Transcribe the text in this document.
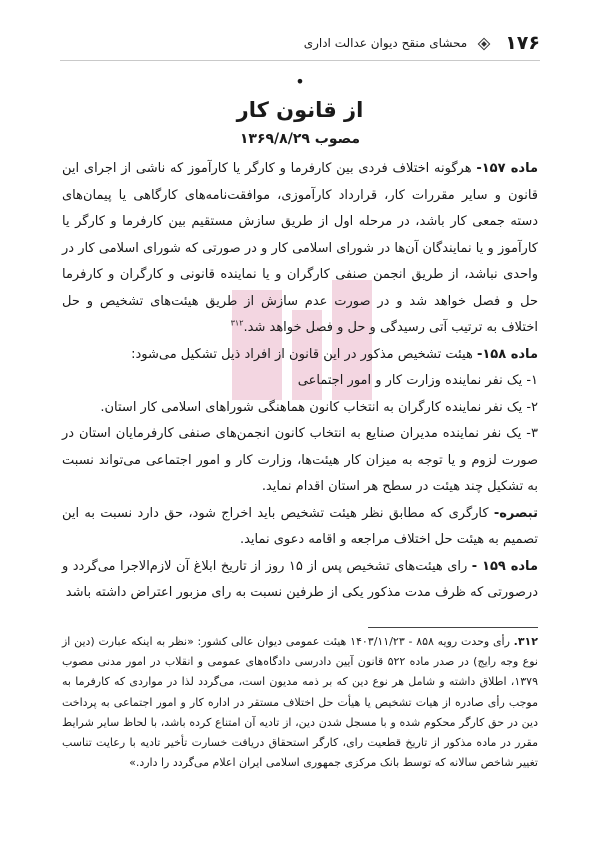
۱۷۶
محشای منقح دیوان عدالت اداری
•
از قانون کار
مصوب ۱۳۶۹/۸/۲۹

ماده ۱۵۷- هرگونه اختلاف فردی بین کارفرما و کارگر یا کارآموز که ناشی از اجرای این قانون و سایر مقررات کار، قرارداد کارآموزی، موافقت‌نامه‌های کارگاهی یا پیمان‌های دسته جمعی کار باشد، در مرحله اول از طریق سازش مستقیم بین کارفرما و کارگر یا کارآموز و یا نمایندگان آن‌ها در شورای اسلامی کار و در صورتی که شورای اسلامی کار در واحدی نباشد، از طریق انجمن صنفی کارگران و یا نماینده قانونی و کارگران و کارفرما حل و فصل خواهد شد و در صورت عدم سازش از طریق هیئت‌های تشخیص و حل اختلاف به ترتیب آتی رسیدگی و حل و فصل خواهد شد.$^{۳۱۲}$

ماده ۱۵۸- هیئت تشخیص مذکور در این قانون از افراد ذیل تشکیل می‌شود:

۱- یک نفر نماینده وزارت کار و امور اجتماعی

۲- یک نفر نماینده کارگران به انتخاب کانون هماهنگی شوراهای اسلامی کار استان.

۳- یک نفر نماینده مدیران صنایع به انتخاب کانون انجمن‌های صنفی کارفرمایان استان در صورت لزوم و یا توجه به میزان کار هیئت‌ها، وزارت کار و امور اجتماعی می‌تواند نسبت به تشکیل چند هیئت در سطح هر استان اقدام نماید.

تبصره- کارگری که مطابق نظر هیئت تشخیص باید اخراج شود، حق دارد نسبت به این تصمیم به هیئت حل اختلاف مراجعه و اقامه دعوی نماید.

ماده ۱۵۹ - رای هیئت‌های تشخیص پس از ۱۵ روز از تاریخ ابلاغ آن لازم‌الاجرا می‌گردد و درصورتی که ظرف مدت مذکور یکی از طرفین نسبت به رای مزبور اعتراض داشته باشد

۳۱۲. رأی وحدت رویه ۸۵۸ - ۱۴۰۳/۱۱/۲۳ هیئت عمومی دیوان عالی کشور: «نظر به اینکه عبارت (دین از نوع وجه رایج) در صدر ماده ۵۲۲ قانون آیین دادرسی دادگاه‌های عمومی و انقلاب در امور مدنی مصوب ۱۳۷۹، اطلاق داشته و شامل هر نوع دین که بر ذمه مدیون است، می‌گردد لذا در مواردی که کارفرما به موجب رأی صادره از هیات تشخیص یا هیأت حل اختلاف مستقر در اداره کار و امور اجتماعی به پرداخت دین در حق کارگر محکوم شده و با مسجل شدن دین، از تادیه آن امتناع کرده باشد، با لحاظ سایر شرایط مقرر در ماده مذکور از تاریخ قطعیت رای، کارگر استحقاق دریافت خسارت تأخیر تادیه با رعایت تناسب تغییر شاخص سالانه که توسط بانک مرکزی جمهوری اسلامی ایران اعلام می‌گردد را دارد.»
